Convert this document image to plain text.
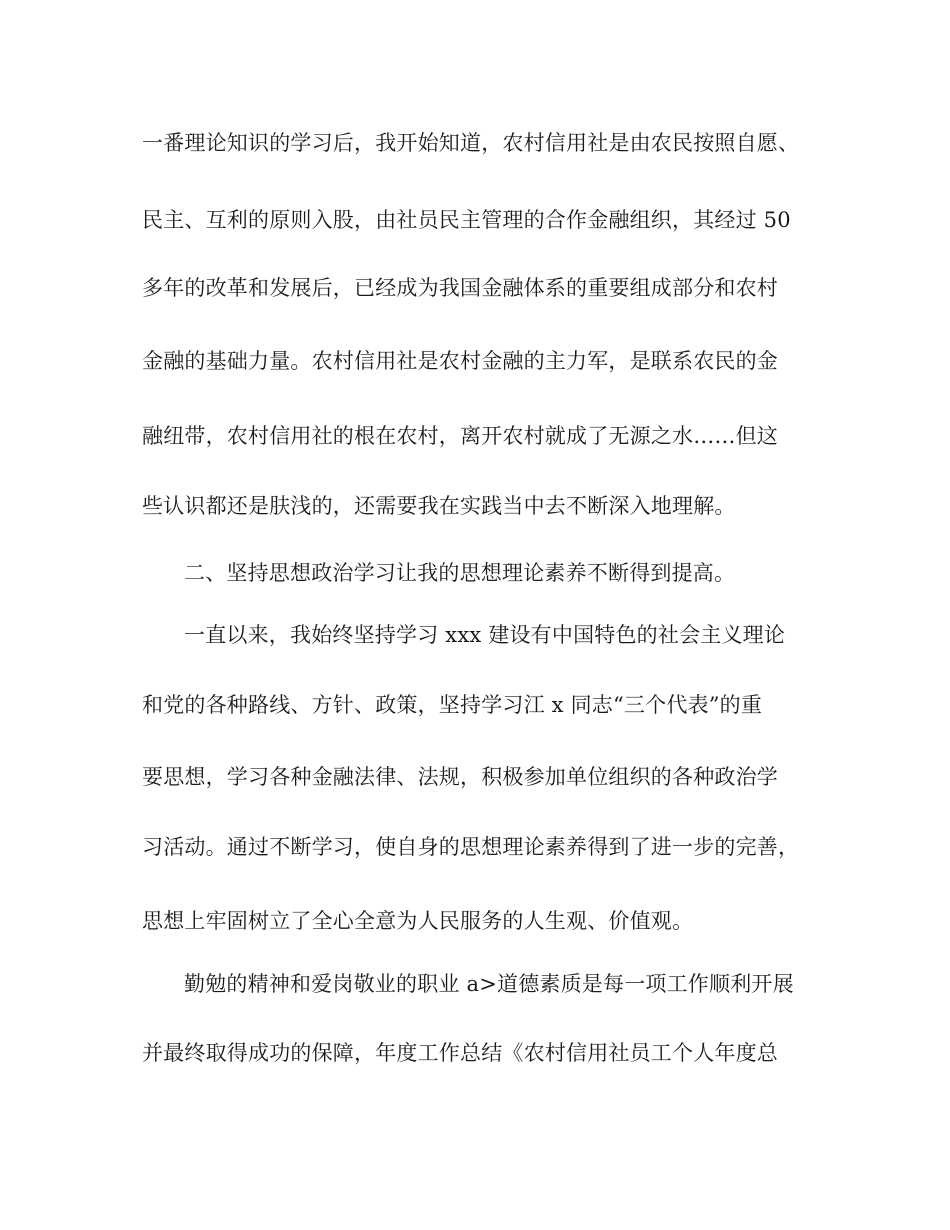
一番理论知识的学习后，我开始知道，农村信用社是由农民按照自愿、
民主、互利的原则入股，由社员民主管理的合作金融组织，其经过 50
多年的改革和发展后，已经成为我国金融体系的重要组成部分和农村
金融的基础力量。农村信用社是农村金融的主力军，是联系农民的金
融纽带，农村信用社的根在农村，离开农村就成了无源之水……但这
些认识都还是肤浅的，还需要我在实践当中去不断深入地理解。
二、坚持思想政治学习让我的思想理论素养不断得到提高。
一直以来，我始终坚持学习 xxx 建设有中国特色的社会主义理论
和党的各种路线、方针、政策，坚持学习江 x 同志“三个代表”的重
要思想，学习各种金融法律、法规，积极参加单位组织的各种政治学
习活动。通过不断学习，使自身的思想理论素养得到了进一步的完善，
思想上牢固树立了全心全意为人民服务的人生观、价值观。
勤勉的精神和爱岗敬业的职业 a>道德素质是每一项工作顺利开展
并最终取得成功的保障，年度工作总结《农村信用社员工个人年度总
